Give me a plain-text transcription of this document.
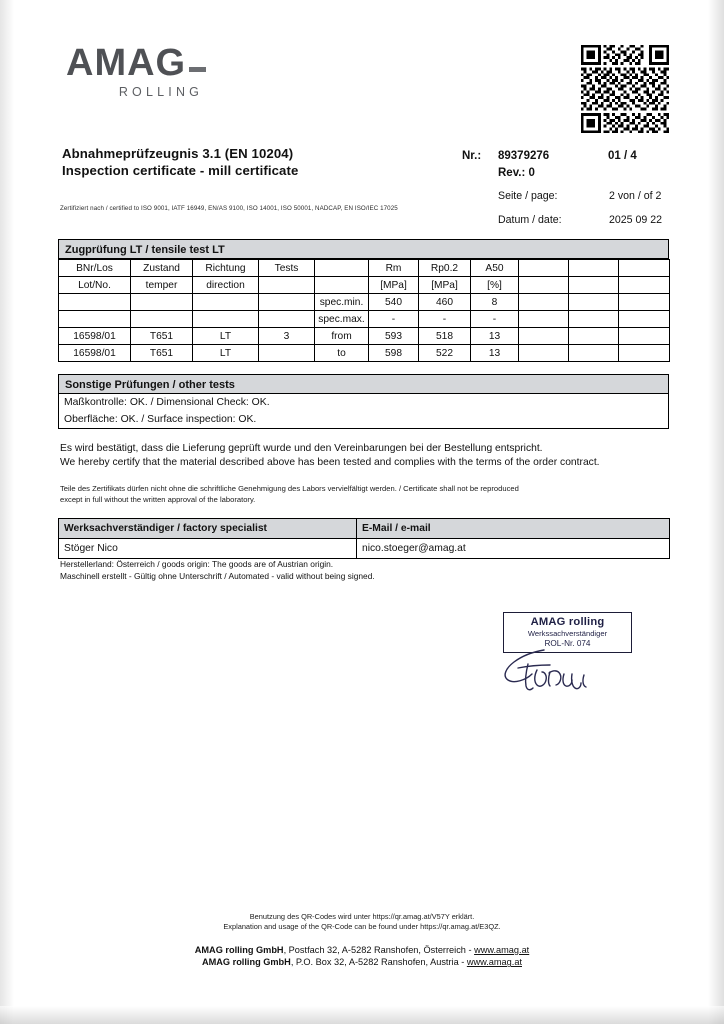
AMAG
ROLLING
Abnahmeprüfzeugnis 3.1 (EN 10204)
Inspection certificate - mill certificate
Zertifiziert nach / certified to ISO 9001, IATF 16949, EN/AS 9100, ISO 14001, ISO 50001, NADCAP, EN ISO/IEC 17025
Nr.:	89379276	01 / 4
Rev.: 0
Seite / page:	2 von / of 2
Datum / date:	2025 09 22
Zugprüfung LT / tensile test LT
BNr/Los	Zustand	Richtung	Tests		Rm	Rp0.2	A50			
Lot/No.	temper	direction			[MPa]	[MPa]	[%]			
				spec.min.	540	460	8			
				spec.max.	-	-	-			
16598/01	T651	LT	3	from	593	518	13			
16598/01	T651	LT		to	598	522	13			
Sonstige Prüfungen / other tests
Maßkontrolle: OK. / Dimensional Check: OK.
Oberfläche: OK. / Surface inspection: OK.
Es wird bestätigt, dass die Lieferung geprüft wurde und den Vereinbarungen bei der Bestellung entspricht.
We hereby certify that the material described above has been tested and complies with the terms of the order contract.
Teile des Zertifikats dürfen nicht ohne die schriftliche Genehmigung des Labors vervielfältigt werden. / Certificate shall not be reproduced
except in full without the written approval of the laboratory.
Werksachverständiger / factory specialist	E-Mail / e-mail
Stöger Nico	nico.stoeger@amag.at
Herstellerland: Österreich / goods origin: The goods are of Austrian origin.
Maschinell erstellt - Gültig ohne Unterschrift / Automated - valid without being signed.
AMAG rolling
Werkssachverständiger
ROL-Nr. 074
Benutzung des QR-Codes wird unter https://qr.amag.at/V57Y erklärt.
Explanation and usage of the QR-Code can be found under https://qr.amag.at/E3QZ.
AMAG rolling GmbH, Postfach 32, A-5282 Ranshofen, Österreich - www.amag.at
AMAG rolling GmbH, P.O. Box 32, A-5282 Ranshofen, Austria - www.amag.at
